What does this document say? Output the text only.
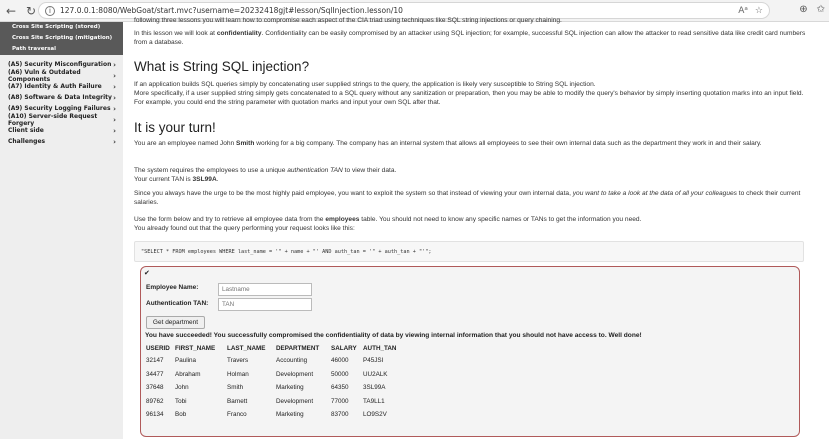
← ↻	i	127.0.0.1:8080/WebGoat/start.mvc?username=20232418gjt#lesson/SqlInjection.lesson/10	Aᵃ ☆	⊕ ✩
Cross Site Scripting (stored)
Cross Site Scripting (mitigation)
Path traversal
(A5) Security Misconfiguration ›
(A6) Vuln & Outdated Components	›
(A7) Identity & Auth Failure ›
(A8) Software & Data Integrity ›
(A9) Security Logging Failures ›
(A10) Server-side Request Forgery	›
Client side	›
Challenges	›
following three lessons you will learn how to compromise each aspect of the CIA triad using techniques like SQL string injections or query chaining.
In this lesson we will look at confidentiality. Confidentiality can be easily compromised by an attacker using SQL injection; for example, successful SQL injection can allow the attacker to read sensitive data like credit card numbers from a database.
What is String SQL injection?
If an application builds SQL queries simply by concatenating user supplied strings to the query, the application is likely very susceptible to String SQL injection.
More specifically, if a user supplied string simply gets concatenated to a SQL query without any sanitization or preparation, then you may be able to modify the query's behavior by simply inserting quotation marks into an input field. For example, you could end the string parameter with quotation marks and input your own SQL after that.
It is your turn!
You are an employee named John Smith working for a big company. The company has an internal system that allows all employees to see their own internal data such as the department they work in and their salary.
The system requires the employees to use a unique authentication TAN to view their data.
Your current TAN is 3SL99A.
Since you always have the urge to be the most highly paid employee, you want to exploit the system so that instead of viewing your own internal data, you want to take a look at the data of all your colleagues to check their current salaries.
Use the form below and try to retrieve all employee data from the employees table. You should not need to know any specific names or TANs to get the information you need.
You already found out that the query performing your request looks like this:
"SELECT * FROM employees WHERE last_name = '" + name + "' AND auth_tan = '" + auth_tan + "'";
✔
Employee Name:
Lastname
Authentication TAN:
TAN
Get department
You have succeeded! You successfully compromised the confidentiality of data by viewing internal information that you should not have access to. Well done!
USERID	FIRST_NAME	LAST_NAME	DEPARTMENT	SALARY	AUTH_TAN
32147	Paulina	Travers	Accounting	46000	P45JSI
34477	Abraham	Holman	Development	50000	UU2ALK
37648	John	Smith	Marketing	64350	3SL99A
89762	Tobi	Barnett	Development	77000	TA9LL1
96134	Bob	Franco	Marketing	83700	LO9S2V
